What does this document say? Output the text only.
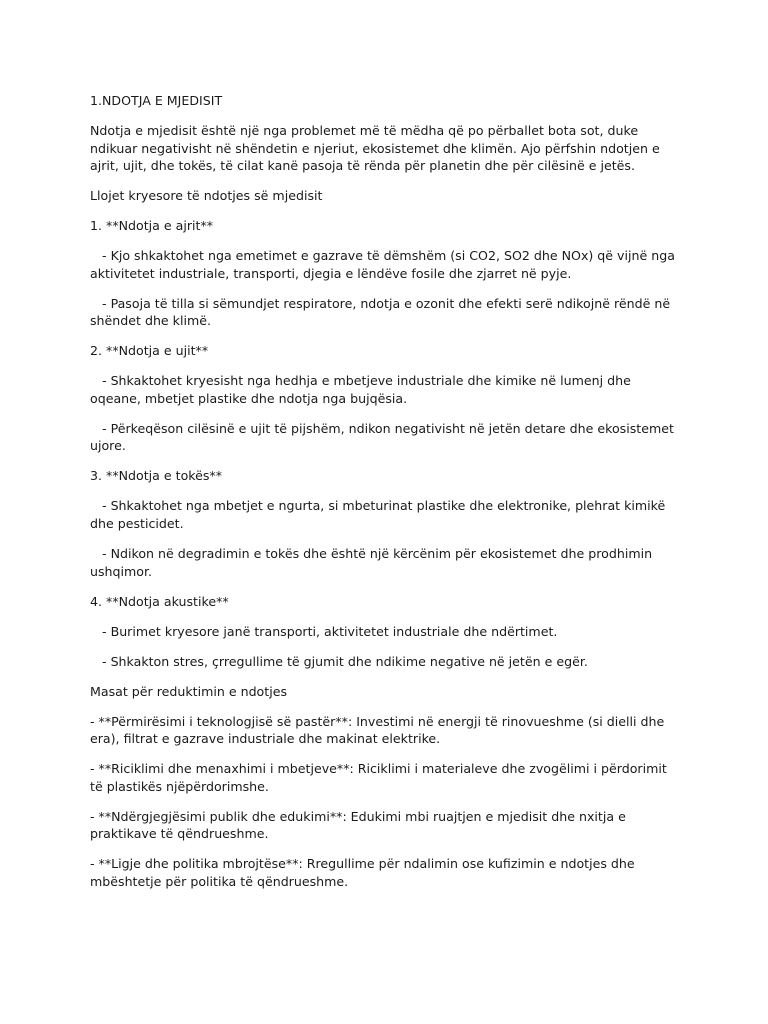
1.NDOTJA E MJEDISIT

Ndotja e mjedisit është një nga problemet më të mëdha që po përballet bota sot, duke ndikuar negativisht në shëndetin e njeriut, ekosistemet dhe klimën. Ajo përfshin ndotjen e ajrit, ujit, dhe tokës, të cilat kanë pasoja të rënda për planetin dhe për cilësinë e jetës.

Llojet kryesore të ndotjes së mjedisit

1. **Ndotja e ajrit**

- Kjo shkaktohet nga emetimet e gazrave të dëmshëm (si CO2, SO2 dhe NOx) që vijnë nga aktivitetet industriale, transporti, djegia e lëndëve fosile dhe zjarret në pyje.

- Pasoja të tilla si sëmundjet respiratore, ndotja e ozonit dhe efekti serë ndikojnë rëndë në shëndet dhe klimë.

2. **Ndotja e ujit**

- Shkaktohet kryesisht nga hedhja e mbetjeve industriale dhe kimike në lumenj dhe oqeane, mbetjet plastike dhe ndotja nga bujqësia.

- Përkeqëson cilësinë e ujit të pijshëm, ndikon negativisht në jetën detare dhe ekosistemet ujore.

3. **Ndotja e tokës**

- Shkaktohet nga mbetjet e ngurta, si mbeturinat plastike dhe elektronike, plehrat kimikë dhe pesticidet.

- Ndikon në degradimin e tokës dhe është një kërcënim për ekosistemet dhe prodhimin ushqimor.

4. **Ndotja akustike**

- Burimet kryesore janë transporti, aktivitetet industriale dhe ndërtimet.

- Shkakton stres, çrregullime të gjumit dhe ndikime negative në jetën e egër.

Masat për reduktimin e ndotjes

- **Përmirësimi i teknologjisë së pastër**: Investimi në energji të rinovueshme (si dielli dhe era), filtrat e gazrave industriale dhe makinat elektrike.

- **Riciklimi dhe menaxhimi i mbetjeve**: Riciklimi i materialeve dhe zvogëlimi i përdorimit të plastikës njëpërdorimshe.

- **Ndërgjegjësimi publik dhe edukimi**: Edukimi mbi ruajtjen e mjedisit dhe nxitja e praktikave të qëndrueshme.

- **Ligje dhe politika mbrojtëse**: Rregullime për ndalimin ose kufizimin e ndotjes dhe mbështetje për politika të qëndrueshme.
